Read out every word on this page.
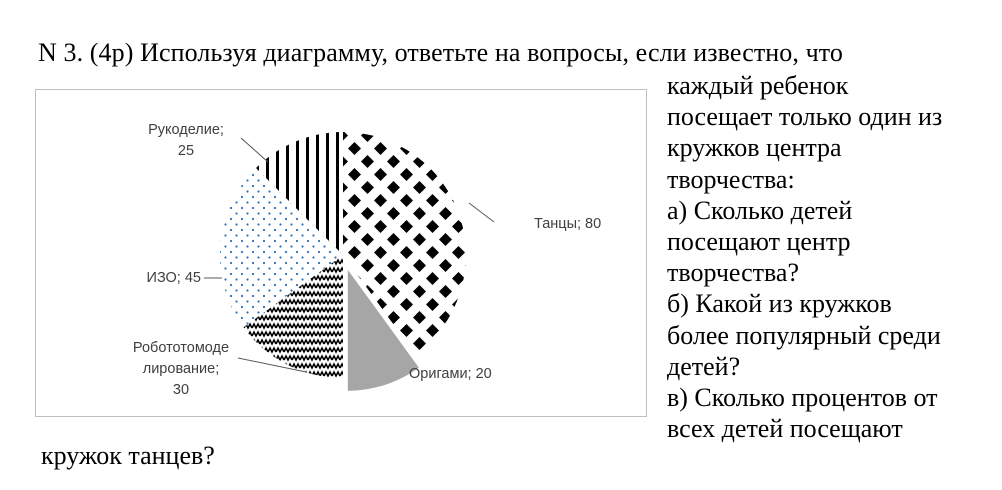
N 3. (4р) Используя диаграмму, ответьте на вопросы, если известно, что
каждый ребенок
посещает только один из
кружков центра
творчества:
а) Сколько детей
посещают центр
творчества?
б) Какой из кружков
более популярный среди
детей?
в) Сколько процентов от
всех детей посещают
кружок танцев?
Танцы; 80
Оригами; 20
Робототомоде лирование; 30
ИЗО; 45
Рукоделие; 25
